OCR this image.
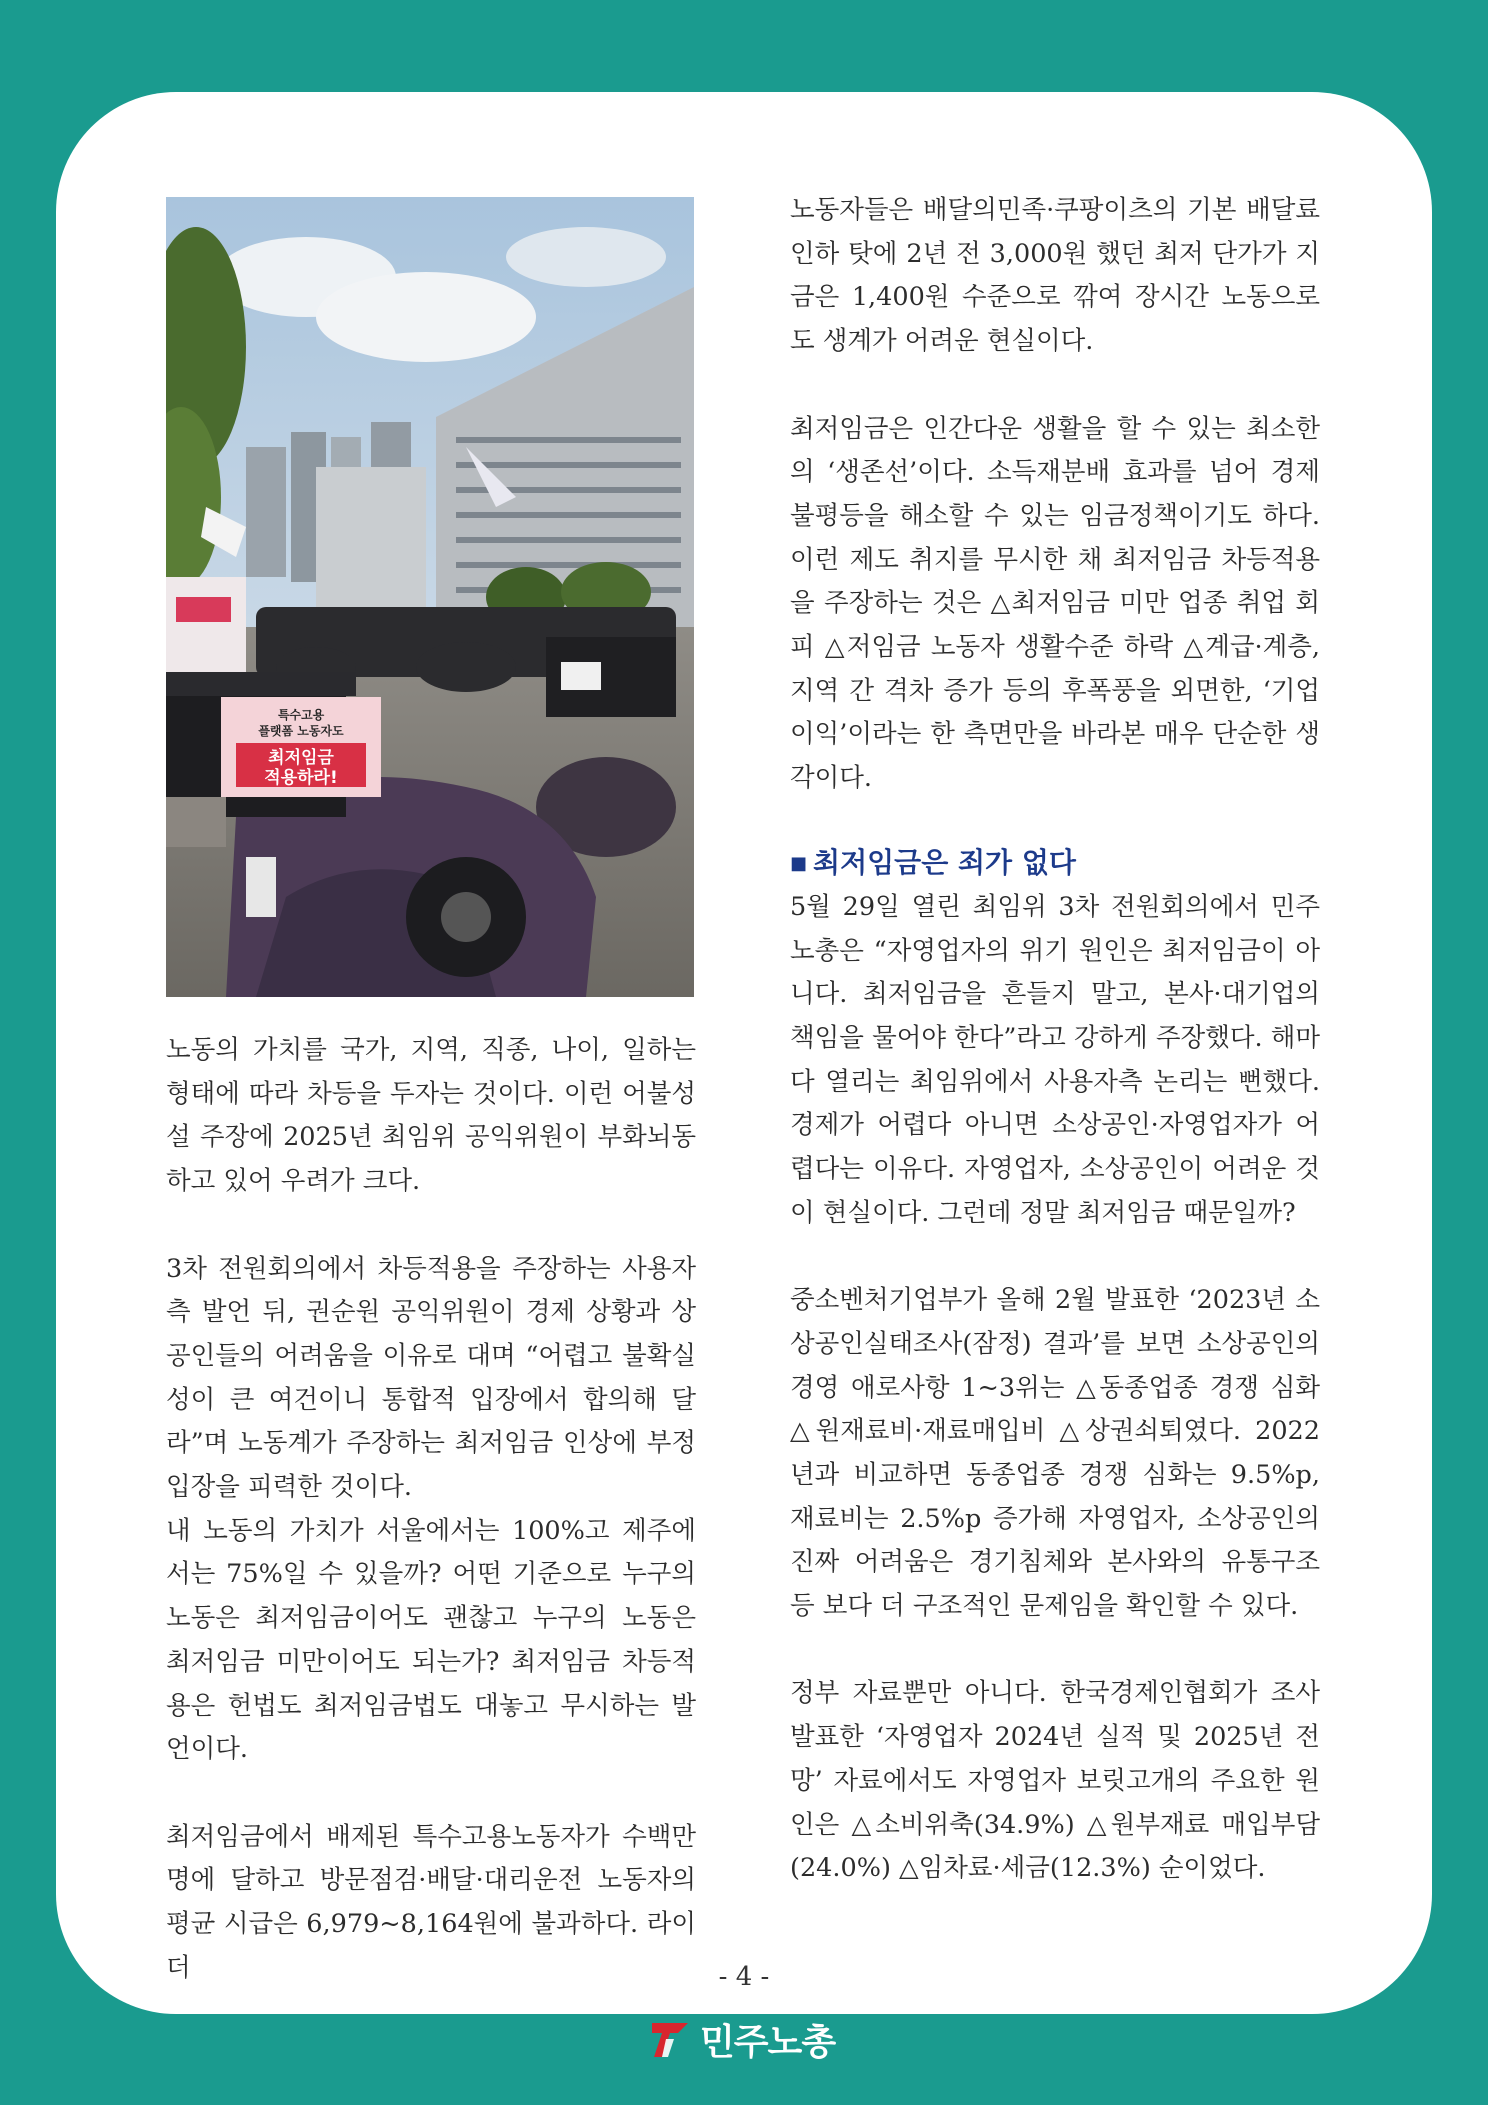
특수고용
플랫폼 노동자도
최저임금
적용하라!

노동의 가치를 국가, 지역, 직종, 나이, 일하는 형태에 따라 차등을 두자는 것이다. 이런 어불성설 주장에 2025년 최임위 공익위원이 부화뇌동하고 있어 우려가 크다.

3차 전원회의에서 차등적용을 주장하는 사용자측 발언 뒤, 권순원 공익위원이 경제 상황과 상공인들의 어려움을 이유로 대며 “어렵고 불확실성이 큰 여건이니 통합적 입장에서 합의해 달라”며 노동계가 주장하는 최저임금 인상에 부정 입장을 피력한 것이다.

내 노동의 가치가 서울에서는 100%고 제주에서는 75%일 수 있을까? 어떤 기준으로 누구의 노동은 최저임금이어도 괜찮고 누구의 노동은 최저임금 미만이어도 되는가? 최저임금 차등적용은 헌법도 최저임금법도 대놓고 무시하는 발언이다.

최저임금에서 배제된 특수고용노동자가 수백만 명에 달하고 방문점검·배달·대리운전 노동자의 평균 시급은 6,979~8,164원에 불과하다. 라이더

노동자들은 배달의민족·쿠팡이츠의 기본 배달료 인하 탓에 2년 전 3,000원 했던 최저 단가가 지금은 1,400원 수준으로 깎여 장시간 노동으로도 생계가 어려운 현실이다.

최저임금은 인간다운 생활을 할 수 있는 최소한의 ‘생존선’이다. 소득재분배 효과를 넘어 경제 불평등을 해소할 수 있는 임금정책이기도 하다. 이런 제도 취지를 무시한 채 최저임금 차등적용을 주장하는 것은 △최저임금 미만 업종 취업 회피 △저임금 노동자 생활수준 하락 △계급·계층, 지역 간 격차 증가 등의 후폭풍을 외면한, ‘기업 이익’이라는 한 측면만을 바라본 매우 단순한 생각이다.

■ 최저임금은 죄가 없다

5월 29일 열린 최임위 3차 전원회의에서 민주노총은 “자영업자의 위기 원인은 최저임금이 아니다. 최저임금을 흔들지 말고, 본사·대기업의 책임을 물어야 한다”라고 강하게 주장했다. 해마다 열리는 최임위에서 사용자측 논리는 뻔했다. 경제가 어렵다 아니면 소상공인·자영업자가 어렵다는 이유다. 자영업자, 소상공인이 어려운 것이 현실이다. 그런데 정말 최저임금 때문일까?

중소벤처기업부가 올해 2월 발표한 ‘2023년 소상공인실태조사(잠정) 결과’를 보면 소상공인의 경영 애로사항 1~3위는 △동종업종 경쟁 심화 △원재료비·재료매입비 △상권쇠퇴였다. 2022년과 비교하면 동종업종 경쟁 심화는 9.5%p, 재료비는 2.5%p 증가해 자영업자, 소상공인의 진짜 어려움은 경기침체와 본사와의 유통구조 등 보다 더 구조적인 문제임을 확인할 수 있다.

정부 자료뿐만 아니다. 한국경제인협회가 조사 발표한 ‘자영업자 2024년 실적 및 2025년 전망’ 자료에서도 자영업자 보릿고개의 주요한 원인은 △소비위축(34.9%) △원부재료 매입부담(24.0%) △임차료·세금(12.3%) 순이었다.

- 4 -
민주노총
